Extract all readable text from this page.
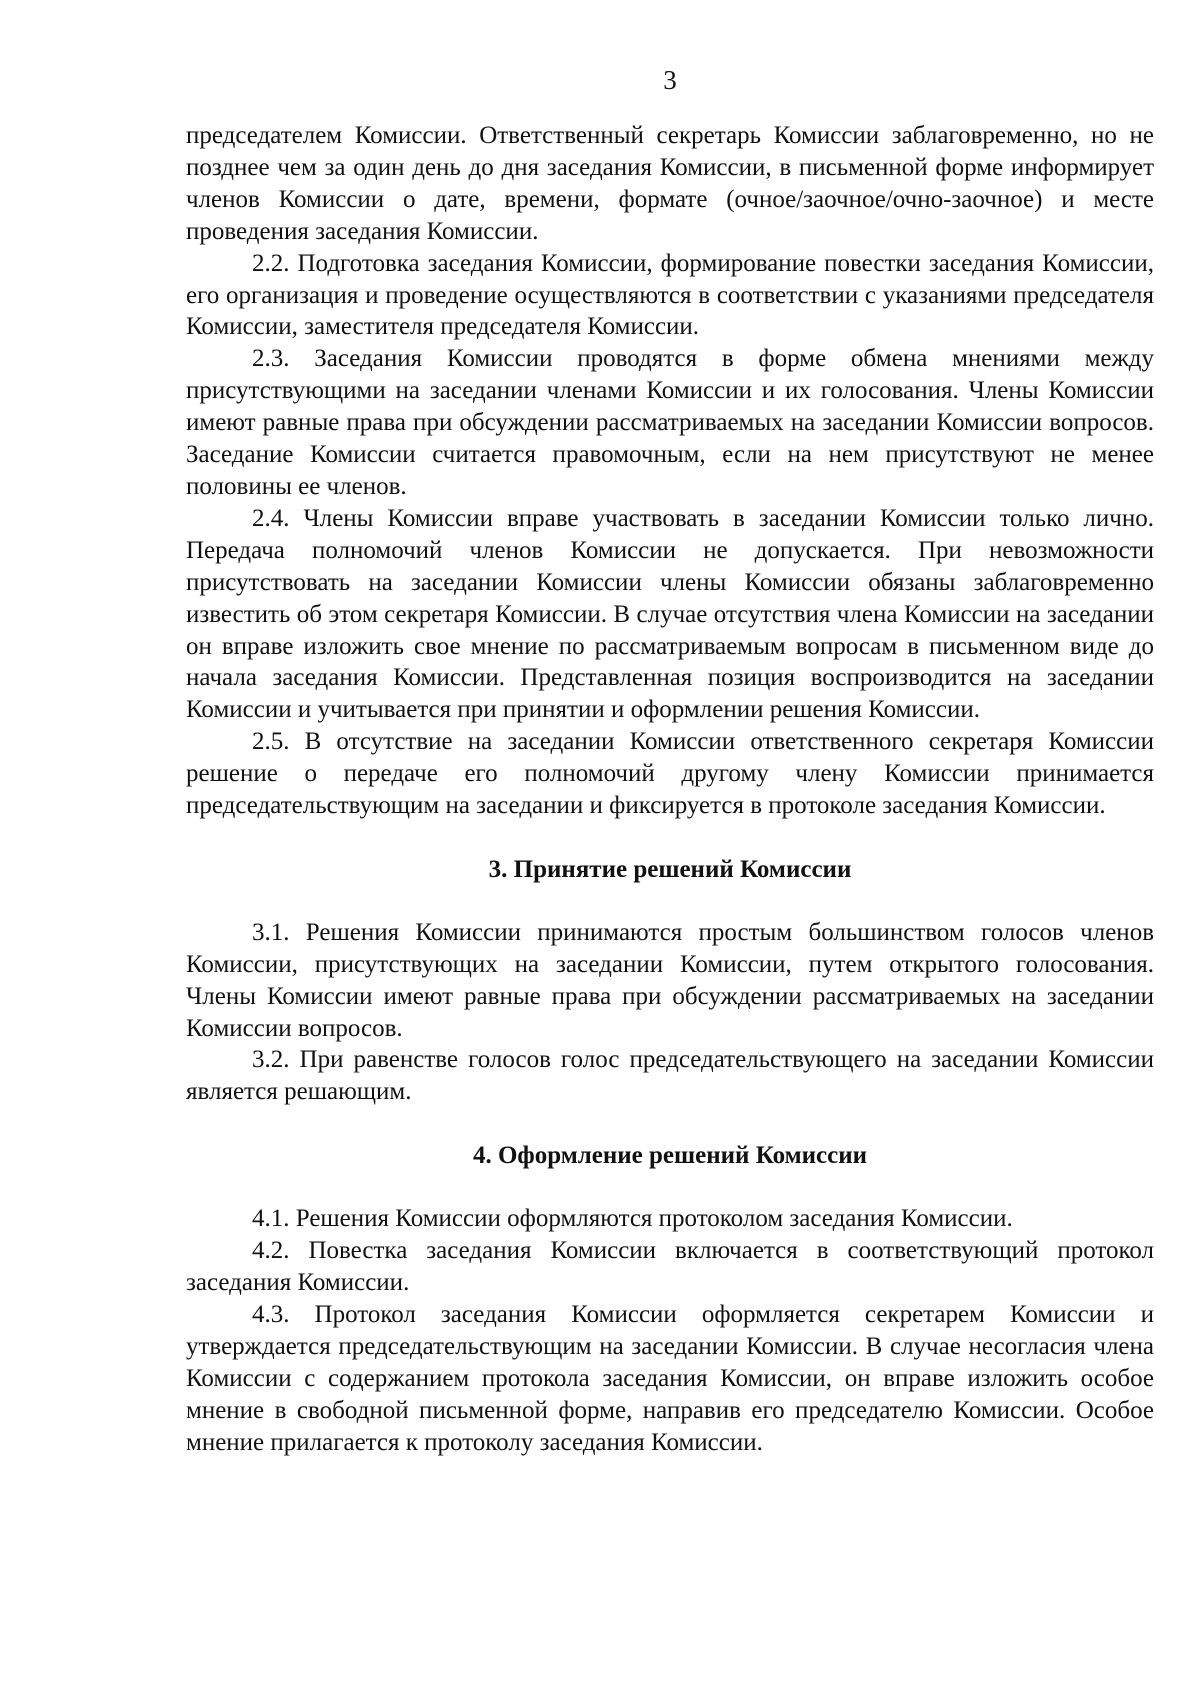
3

председателем Комиссии. Ответственный секретарь Комиссии заблаговременно, но не позднее чем за один день до дня заседания Комиссии, в письменной форме информирует членов Комиссии о дате, времени, формате (очное/заочное/очно-заочное) и месте проведения заседания Комиссии.

2.2. Подготовка заседания Комиссии, формирование повестки заседания Комиссии, его организация и проведение осуществляются в соответствии с указаниями председателя Комиссии, заместителя председателя Комиссии.

2.3. Заседания Комиссии проводятся в форме обмена мнениями между присутствующими на заседании членами Комиссии и их голосования. Члены Комиссии имеют равные права при обсуждении рассматриваемых на заседании Комиссии вопросов. Заседание Комиссии считается правомочным, если на нем присутствуют не менее половины ее членов.

2.4. Члены Комиссии вправе участвовать в заседании Комиссии только лично. Передача полномочий членов Комиссии не допускается. При невозможности присутствовать на заседании Комиссии члены Комиссии обязаны заблаговременно известить об этом секретаря Комиссии. В случае отсутствия члена Комиссии на заседании он вправе изложить свое мнение по рассматриваемым вопросам в письменном виде до начала заседания Комиссии. Представленная позиция воспроизводится на заседании Комиссии и учитывается при принятии и оформлении решения Комиссии.

2.5. В отсутствие на заседании Комиссии ответственного секретаря Комиссии решение о передаче его полномочий другому члену Комиссии принимается председательствующим на заседании и фиксируется в протоколе заседания Комиссии.

3. Принятие решений Комиссии

3.1. Решения Комиссии принимаются простым большинством голосов членов Комиссии, присутствующих на заседании Комиссии, путем открытого голосования. Члены Комиссии имеют равные права при обсуждении рассматриваемых на заседании Комиссии вопросов.

3.2. При равенстве голосов голос председательствующего на заседании Комиссии является решающим.

4. Оформление решений Комиссии

4.1. Решения Комиссии оформляются протоколом заседания Комиссии.

4.2. Повестка заседания Комиссии включается в соответствующий протокол заседания Комиссии.

4.3. Протокол заседания Комиссии оформляется секретарем Комиссии и утверждается председательствующим на заседании Комиссии. В случае несогласия члена Комиссии с содержанием протокола заседания Комиссии, он вправе изложить особое мнение в свободной письменной форме, направив его председателю Комиссии. Особое мнение прилагается к протоколу заседания Комиссии.
